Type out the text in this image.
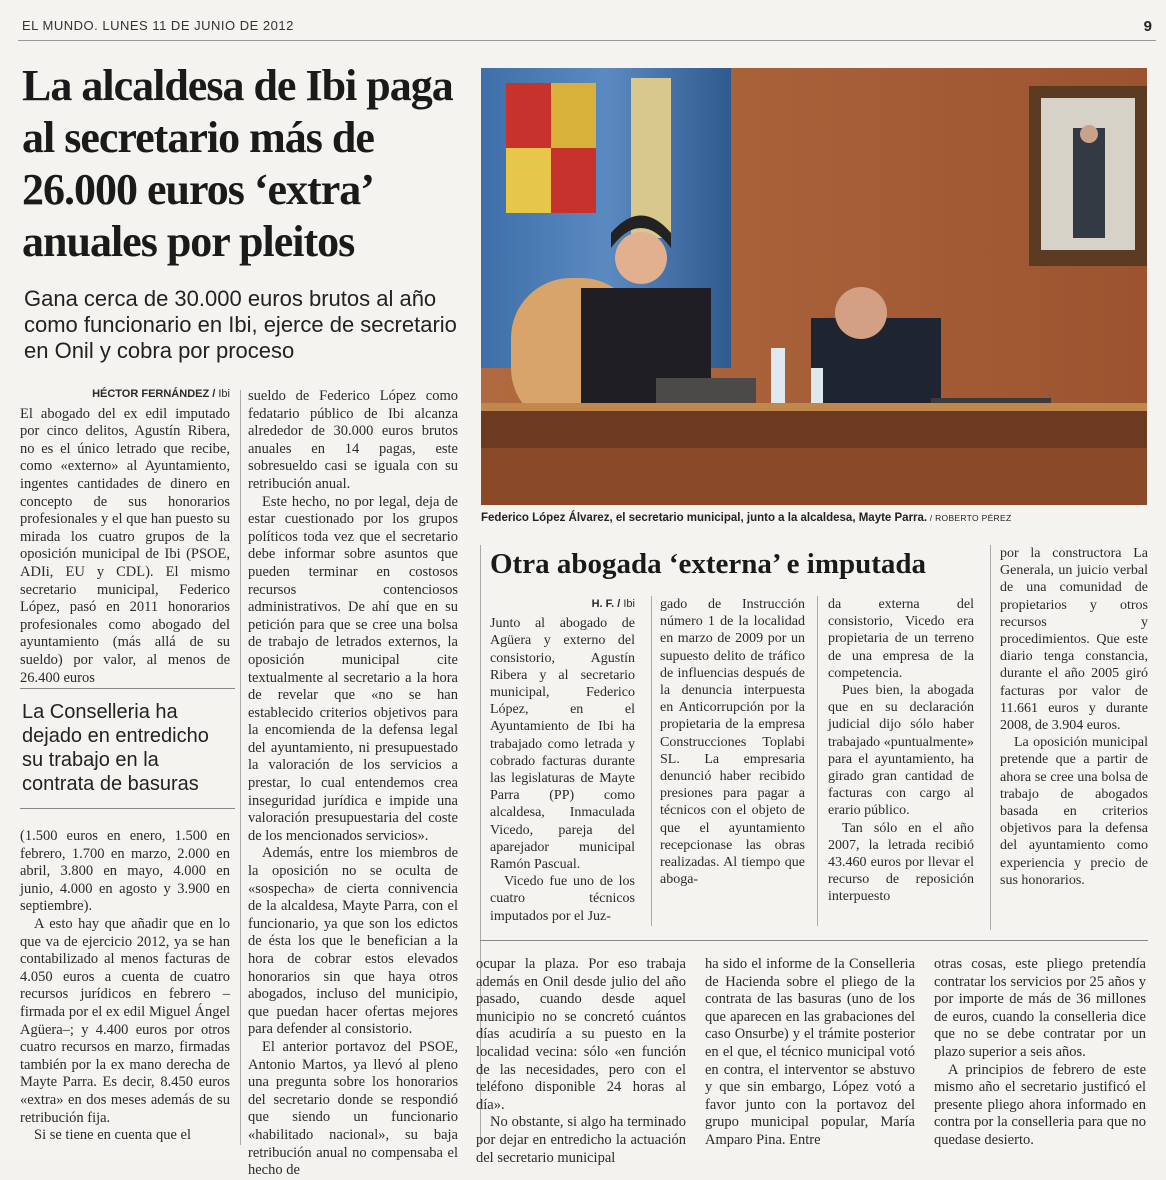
EL MUNDO. LUNES 11 DE JUNIO DE 2012	9
La alcaldesa de Ibi paga al secretario más de 26.000 euros ‘extra’ anuales por pleitos
Gana cerca de 30.000 euros brutos al año como funcionario en Ibi, ejerce de secretario en Onil y cobra por proceso
HÉCTOR FERNÁNDEZ / Ibi

El abogado del ex edil imputado por cinco delitos, Agustín Ribera, no es el único letrado que recibe, como «externo» al Ayuntamiento, ingentes cantidades de dinero en concepto de sus honorarios profesionales y el que han puesto su mirada los cuatro grupos de la oposición municipal de Ibi (PSOE, ADIi, EU y CDL). El mismo secretario municipal, Federico López, pasó en 2011 honorarios profesionales como abogado del ayuntamiento (más allá de su sueldo) por valor, al menos de 26.400 euros

La Conselleria ha dejado en entredicho su trabajo en la contrata de basuras

(1.500 euros en enero, 1.500 en febrero, 1.700 en marzo, 2.000 en abril, 3.800 en mayo, 4.000 en junio, 4.000 en agosto y 3.900 en septiembre).

A esto hay que añadir que en lo que va de ejercicio 2012, ya se han contabilizado al menos facturas de 4.050 euros a cuenta de cuatro recursos jurídicos en febrero –firmada por el ex edil Miguel Ángel Agüera–; y 4.400 euros por otros cuatro recursos en marzo, firmadas también por la ex mano derecha de Mayte Parra. Es decir, 8.450 euros «extra» en dos meses además de su retribución fija.

Si se tiene en cuenta que el

sueldo de Federico López como fedatario público de Ibi alcanza alrededor de 30.000 euros brutos anuales en 14 pagas, este sobresueldo casi se iguala con su retribución anual.

Este hecho, no por legal, deja de estar cuestionado por los grupos políticos toda vez que el secretario debe informar sobre asuntos que pueden terminar en costosos recursos contenciosos administrativos. De ahí que en su petición para que se cree una bolsa de trabajo de letrados externos, la oposición municipal cite textualmente al secretario a la hora de revelar que «no se han establecido criterios objetivos para la encomienda de la defensa legal del ayuntamiento, ni presupuestado la valoración de los servicios a prestar, lo cual entendemos crea inseguridad jurídica e impide una valoración presupuestaria del coste de los mencionados servicios».

Además, entre los miembros de la oposición no se oculta de «sospecha» de cierta connivencia de la alcaldesa, Mayte Parra, con el funcionario, ya que son los edictos de ésta los que le benefician a la hora de cobrar estos elevados honorarios sin que haya otros abogados, incluso del municipio, que puedan hacer ofertas mejores para defender al consistorio.

El anterior portavoz del PSOE, Antonio Martos, ya llevó al pleno una pregunta sobre los honorarios del secretario donde se respondió que siendo un funcionario «habilitado nacional», su baja retribución anual no compensaba el hecho de

Federico López Álvarez, el secretario municipal, junto a la alcaldesa, Mayte Parra. / ROBERTO PÉREZ
Otra abogada ‘externa’ e imputada
H. F. / Ibi

Junto al abogado de Agüera y externo del consistorio, Agustín Ribera y al secretario municipal, Federico López, en el Ayuntamiento de Ibi ha trabajado como letrada y cobrado facturas durante las legislaturas de Mayte Parra (PP) como alcaldesa, Inmaculada Vicedo, pareja del aparejador municipal Ramón Pascual.

Vicedo fue uno de los cuatro técnicos imputados por el Juz-

gado de Instrucción número 1 de la localidad en marzo de 2009 por un supuesto delito de tráfico de influencias después de la denuncia interpuesta en Anticorrupción por la propietaria de la empresa Construcciones Toplabi SL. La empresaria denunció haber recibido presiones para pagar a técnicos con el objeto de que el ayuntamiento recepcionase las obras realizadas. Al tiempo que aboga-

da externa del consistorio, Vicedo era propietaria de un terreno de una empresa de la competencia.

Pues bien, la abogada que en su declaración judicial dijo sólo haber trabajado «puntualmente» para el ayuntamiento, ha girado gran cantidad de facturas con cargo al erario público.

Tan sólo en el año 2007, la letrada recibió 43.460 euros por llevar el recurso de reposición interpuesto

por la constructora La Generala, un juicio verbal de una comunidad de propietarios y otros recursos y procedimientos. Que este diario tenga constancia, durante el año 2005 giró facturas por valor de 11.661 euros y durante 2008, de 3.904 euros.

La oposición municipal pretende que a partir de ahora se cree una bolsa de trabajo de abogados basada en criterios objetivos para la defensa del ayuntamiento como experiencia y precio de sus honorarios.

ocupar la plaza. Por eso trabaja además en Onil desde julio del año pasado, cuando desde aquel municipio no se concretó cuántos días acudiría a su puesto en la localidad vecina: sólo «en función de las necesidades, pero con el teléfono disponible 24 horas al día».

No obstante, si algo ha terminado por dejar en entredicho la actuación del secretario municipal

ha sido el informe de la Conselleria de Hacienda sobre el pliego de la contrata de las basuras (uno de los que aparecen en las grabaciones del caso Onsurbe) y el trámite posterior en el que, el técnico municipal votó en contra, el interventor se abstuvo y que sin embargo, López votó a favor junto con la portavoz del grupo municipal popular, María Amparo Pina. Entre

otras cosas, este pliego pretendía contratar los servicios por 25 años y por importe de más de 36 millones de euros, cuando la conselleria dice que no se debe contratar por un plazo superior a seis años.

A principios de febrero de este mismo año el secretario justificó el presente pliego ahora informado en contra por la conselleria para que no quedase desierto.
